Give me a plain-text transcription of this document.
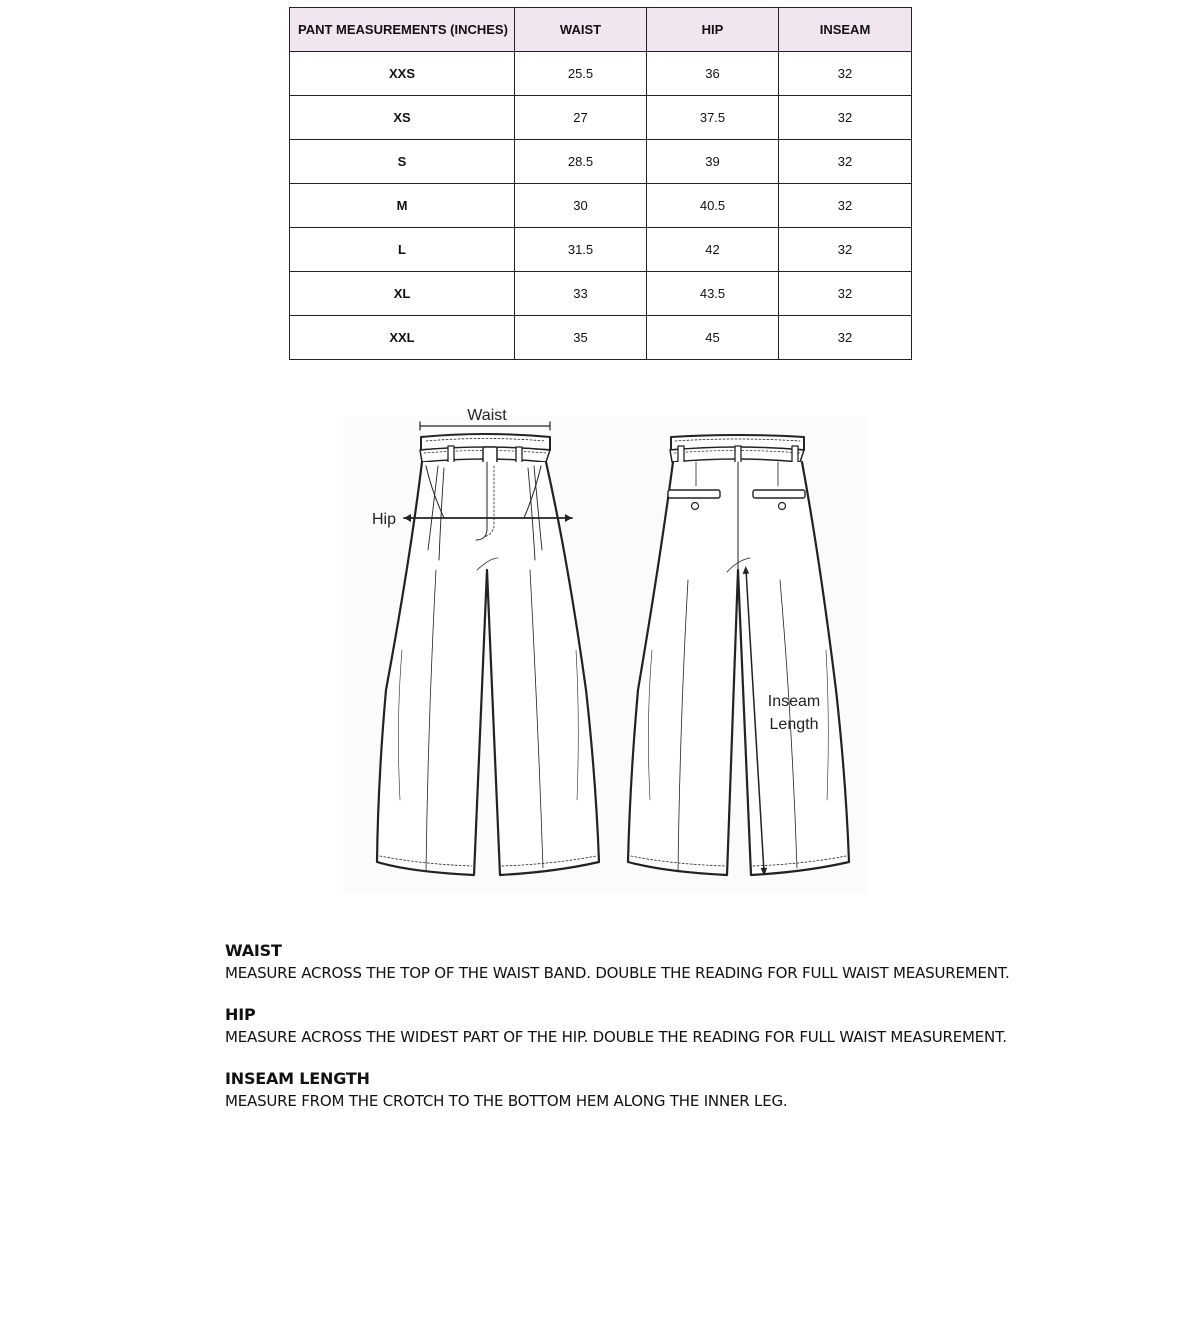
PANT MEASUREMENTS (INCHES)	WAIST	HIP	INSEAM
XXS	25.5	36	32
XS	27	37.5	32
S	28.5	39	32
M	30	40.5	32
L	31.5	42	32
XL	33	43.5	32
XXL	35	45	32
Waist
Hip
Inseam
Length
WAIST
MEASURE ACROSS THE TOP OF THE WAIST BAND. DOUBLE THE READING FOR FULL WAIST MEASUREMENT.
HIP
MEASURE ACROSS THE WIDEST PART OF THE HIP. DOUBLE THE READING FOR FULL WAIST MEASUREMENT.
INSEAM LENGTH
MEASURE FROM THE CROTCH TO THE BOTTOM HEM ALONG THE INNER LEG.
